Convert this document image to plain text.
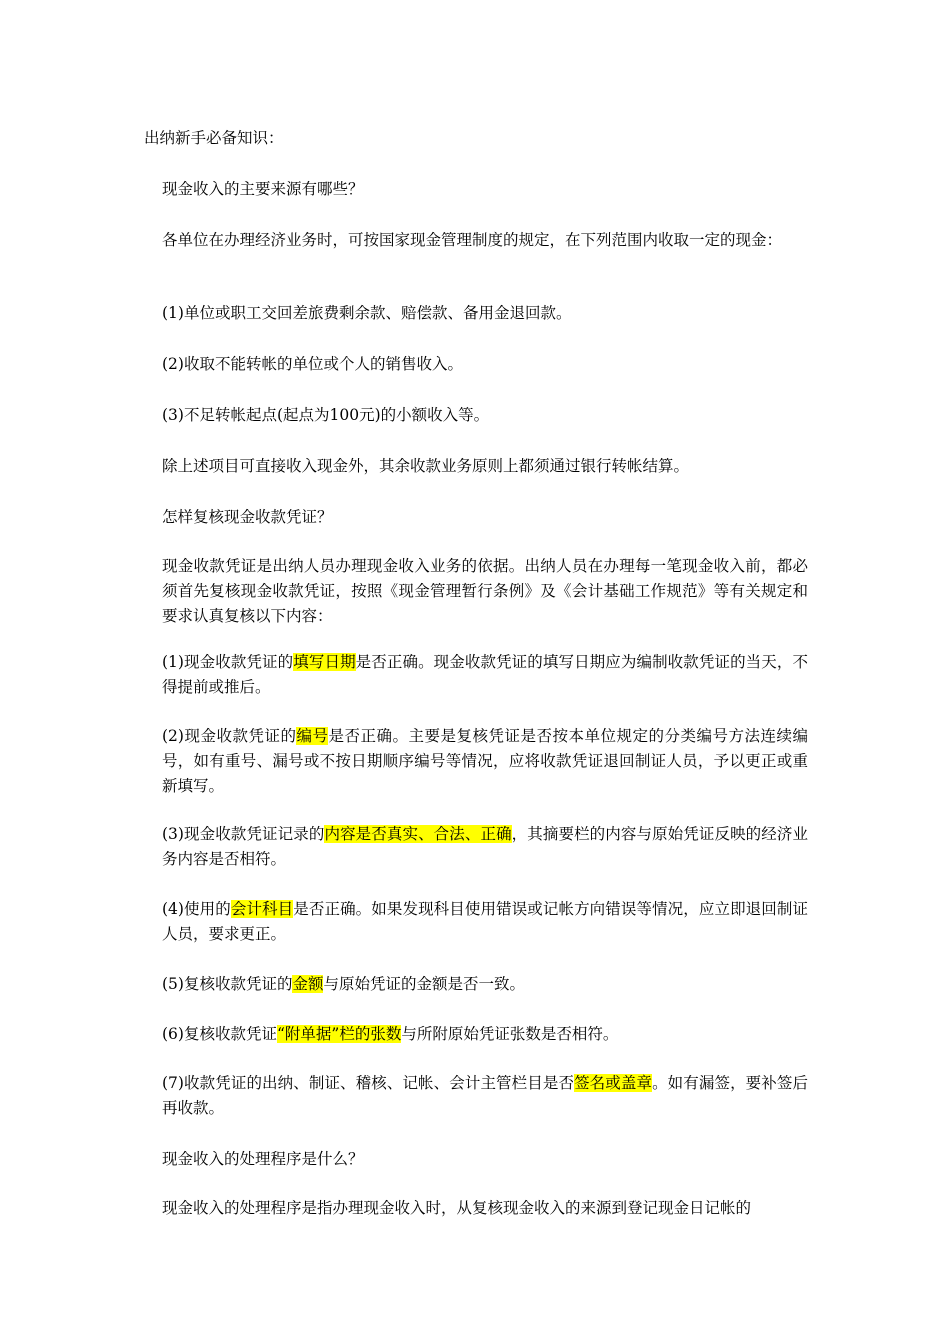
出纳新手必备知识：

现金收入的主要来源有哪些？

各单位在办理经济业务时，可按国家现金管理制度的规定，在下列范围内收取一定的现金：

(1)单位或职工交回差旅费剩余款、赔偿款、备用金退回款。

(2)收取不能转帐的单位或个人的销售收入。

(3)不足转帐起点(起点为100元)的小额收入等。

除上述项目可直接收入现金外，其余收款业务原则上都须通过银行转帐结算。

怎样复核现金收款凭证？

现金收款凭证是出纳人员办理现金收入业务的依据。出纳人员在办理每一笔现金收入前，都必须首先复核现金收款凭证，按照《现金管理暂行条例》及《会计基础工作规范》等有关规定和要求认真复核以下内容：

(1)现金收款凭证的填写日期是否正确。现金收款凭证的填写日期应为编制收款凭证的当天，不得提前或推后。

(2)现金收款凭证的编号是否正确。主要是复核凭证是否按本单位规定的分类编号方法连续编号，如有重号、漏号或不按日期顺序编号等情况，应将收款凭证退回制证人员，予以更正或重新填写。

(3)现金收款凭证记录的内容是否真实、合法、正确，其摘要栏的内容与原始凭证反映的经济业务内容是否相符。

(4)使用的会计科目是否正确。如果发现科目使用错误或记帐方向错误等情况，应立即退回制证人员，要求更正。

(5)复核收款凭证的金额与原始凭证的金额是否一致。

(6)复核收款凭证“附单据”栏的张数与所附原始凭证张数是否相符。

(7)收款凭证的出纳、制证、稽核、记帐、会计主管栏目是否签名或盖章。如有漏签，要补签后再收款。

现金收入的处理程序是什么？

现金收入的处理程序是指办理现金收入时，从复核现金收入的来源到登记现金日记帐的
